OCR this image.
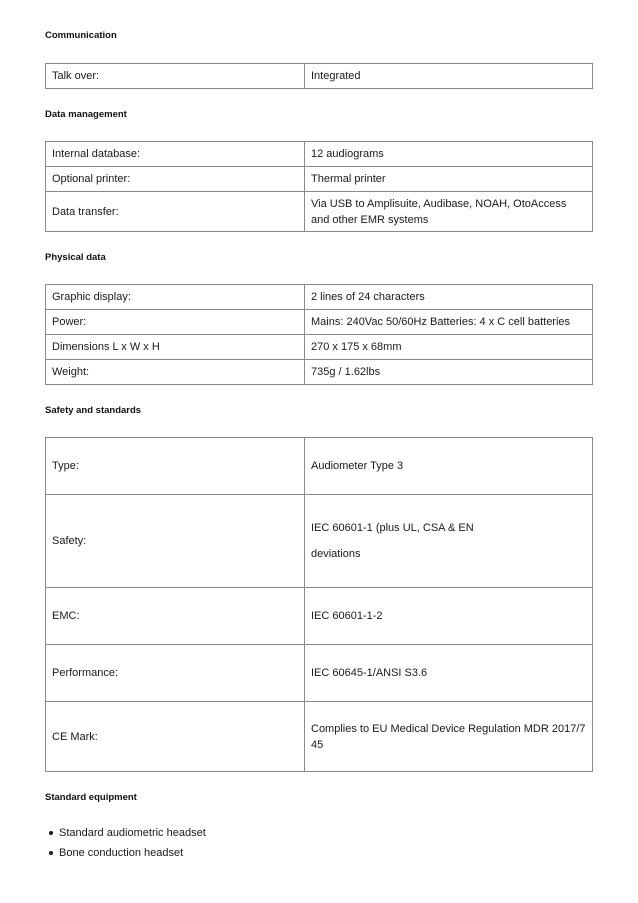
Communication

Talk over:	Integrated

Data management

Internal database:	12 audiograms
Optional printer:	Thermal printer
Data transfer:	Via USB to Amplisuite, Audibase, NOAH, OtoAccess and other EMR systems

Physical data

Graphic display:	2 lines of 24 characters
Power:	Mains: 240Vac 50/60Hz Batteries: 4 x C cell batteries
Dimensions L x W x H	270 x 175 x 68mm
Weight:	735g / 1.62lbs

Safety and standards

Type:	Audiometer Type 3
Safety:	IEC 60601-1 (plus UL, CSA & EN

deviations

EMC:	IEC 60601-1-2
Performance:	IEC 60645-1/ANSI S3.6
CE Mark:	Complies to EU Medical Device Regulation MDR 2017/745

Standard equipment

Standard audiometric headset
Bone conduction headset
